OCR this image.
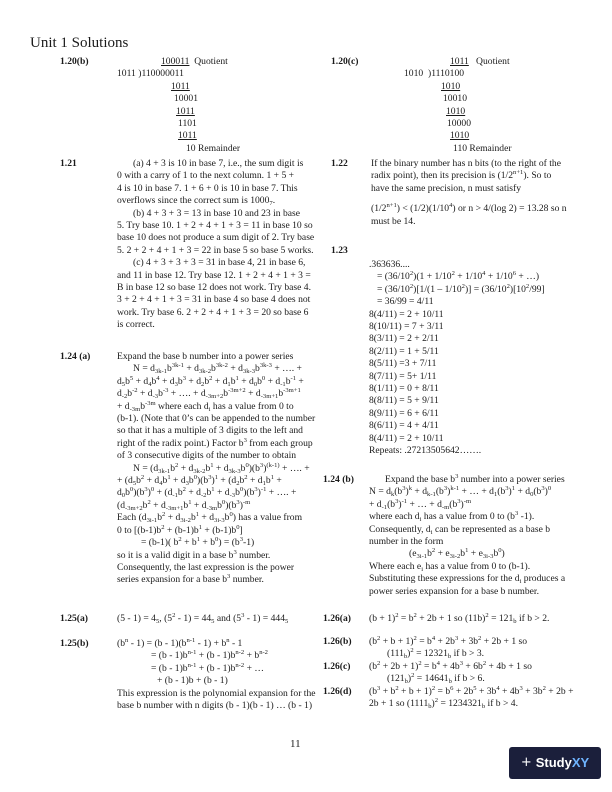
Unit 1 Solutions
1.20(b)	100011 Quotient
1011 )110000011
1011
10001
1011
1101
1011
10 Remainder
1.20(c)	1011 Quotient
1010  )1110100
1010
10010
1010
10000
1010
110 Remainder
1.21	(a) 4 + 3 is 10 in base 7, i.e., the sum digit is
0 with a carry of 1 to the next column. 1 + 5 +
4 is 10 in base 7. 1 + 6 + 0 is 10 in base 7. This
overflows since the correct sum is $1000_7$.
(b) 4 + 3 + 3 = 13 in base 10 and 23 in base
5. Try base 10. 1 + 2 + 4 + 1 + 3 = 11 in base 10 so
base 10 does not produce a sum digit of 2. Try base
5. 2 + 2 + 4 + 1 + 3 = 22 in base 5 so base 5 works.
(c) 4 + 3 + 3 + 3 = 31 in base 4, 21 in base 6,
and 11 in base 12. Try base 12. 1 + 2 + 4 + 1 + 3 =
B in base 12 so base 12 does not work. Try base 4.
3 + 2 + 4 + 1 + 3 = 31 in base 4 so base 4 does not
work. Try base 6. 2 + 2 + 4 + 1 + 3 = 20 so base 6
is correct.
1.22 If the binary number has n bits (to the right of the
radix point), then its precision is $(1/2^{n+1})$. So to
have the same precision, n must satisfy
$(1/2^{n+1}) < (1/2)(1/10^4)$ or n > 4/(log 2) = 13.28 so n
must be 14.
1.23
.363636....
= $(36/10^2)(1 + 1/10^2 + 1/10^4 + 1/10^6$ + …)
= $(36/10^2)[1/(1 - 1/10^2)] = (36/10^2)[10^2/99]$
= 36/99 = 4/11
8(4/11) = 2 + 10/11
8(10/11) = 7 + 3/11
8(3/11) = 2 + 2/11
8(2/11) = 1 + 5/11
8(5/11) =3 + 7/11
8(7/11) = 5+ 1/11
8(1/11) = 0 + 8/11
8(8/11) = 5 + 9/11
8(9/11) = 6 + 6/11
8(6/11) = 4 + 4/11
8(4/11) = 2 + 10/11
Repeats: .27213505642…….
1.24 (a)	Expand the base b number into a power series
$N = d_{3k-1}b^{3k-1} + d_{3k-2}b^{3k-2} + d_{3k-3}b^{3k-3}$ + …. +
$d_5b^5 + d_4b^4 + d_3b^3 + d_2b^2 + d_1b^1 + d_0b^0 + d_{-1}b^{-1}$ +
$d_{-2}b^{-2} + d_{-3}b^{-3}$ + …. + $d_{-3m+2}b^{-3m+2} + d_{-3m+1}b^{-3m+1}$
+ $d_{-3m}b^{-3m}$ where each $d_i$ has a value from 0 to
(b-1). (Note that 0’s can be appended to the number
so that it has a multiple of 3 digits to the left and
right of the radix point.) Factor $b^3$ from each group
of 3 consecutive digits of the number to obtain
$N = (d_{3k-1}b^2 + d_{3k-2}b^1 + d_{3k-3}b^0)(b^3)^{(k-1)}$ + …. +
+ $(d_5b^2 + d_4b^1 + d_3b^0)(b^3)^1 + (d_2b^2 + d_1b^1$ +
$d_0b^0)(b^3)^0 + (d_{-1}b^2 + d_{-2}b^1 + d_{-3}b^0)(b^3)^{-1}$ + …. +
$(d_{-3m+2}b^2 + d_{-3m+1}b^1 + d_{-3m}b^0)(b^3)^{-m}$
Each $(d_{3i-1}b^2 + d_{3i-2}b^1 + d_{3i-3}b^0)$ has a value from
0 to $[(b-1)b^2 + (b-1)b^1 + (b-1)b^0]$
= (b-1)( $b^2 + b^1 + b^0) = (b^3-1)$
so it is a valid digit in a base $b^3$ number.
Consequently, the last expression is the power
series expansion for a base $b^3$ number.
1.24 (b)	Expand the base $b^3$ number into a power series
$N = d_k(b^3)^k + d_{k-1}(b^3)^{k-1}$ + … + $d_1(b^3)^1 + d_0(b^3)^0$
+ $d_{-1}(b^3)^{-1}$ + … + $d_{-m}(b^3)^{-m}$
where each $d_i$ has a value from 0 to ($b^3$ -1).
Consequently, $d_i$ can be represented as a base b
number in the form
$(e_{3i-1}b^2 + e_{3i-2}b^1 + e_{3i-3}b^0)$
Where each $e_i$ has a value from 0 to (b-1).
Substituting these expressions for the $d_i$ produces a
power series expansion for a base b number.
1.25(a)	$(5 - 1) = 4_5$, $(5^2 - 1) = 44_5$ and $(5^3 - 1) = 444_5$
1.25(b)	$(b^n - 1) = (b - 1)(b^{n-1} - 1) + b^n - 1$
= $(b - 1)b^{n-1} + (b - 1)b^{n-2} + b^{n-2}$
= $(b - 1)b^{n-1} + (b - 1)b^{n-2}$ + …
+ (b - 1)b + (b - 1)
This expression is the polynomial expansion for the
base b number with n digits (b - 1)(b - 1) … (b - 1)
1.26(a) $(b + 1)^2 = b^2 + 2b + 1$ so $(11b)^2 = 121_b$ if b > 2.
1.26(b) $(b^2 + b + 1)^2 = b^4 + 2b^3 + 3b^2 + 2b + 1$ so
$(111_b)^2 = 12321_b$ if b > 3.
1.26(c) $(b^2 + 2b + 1)^2 = b^4 + 4b^3 + 6b^2 + 4b + 1$ so
$(121_b)^2 = 14641_b$ if b > 6.
1.26(d) $(b^3 + b^2 + b + 1)^2 = b^6 + 2b^5 + 3b^4 + 4b^3 + 3b^2 + 2b$ +
2b + 1 so $(1111_b)^2 = 1234321_b$ if b > 4.
11
+ StudyXY
